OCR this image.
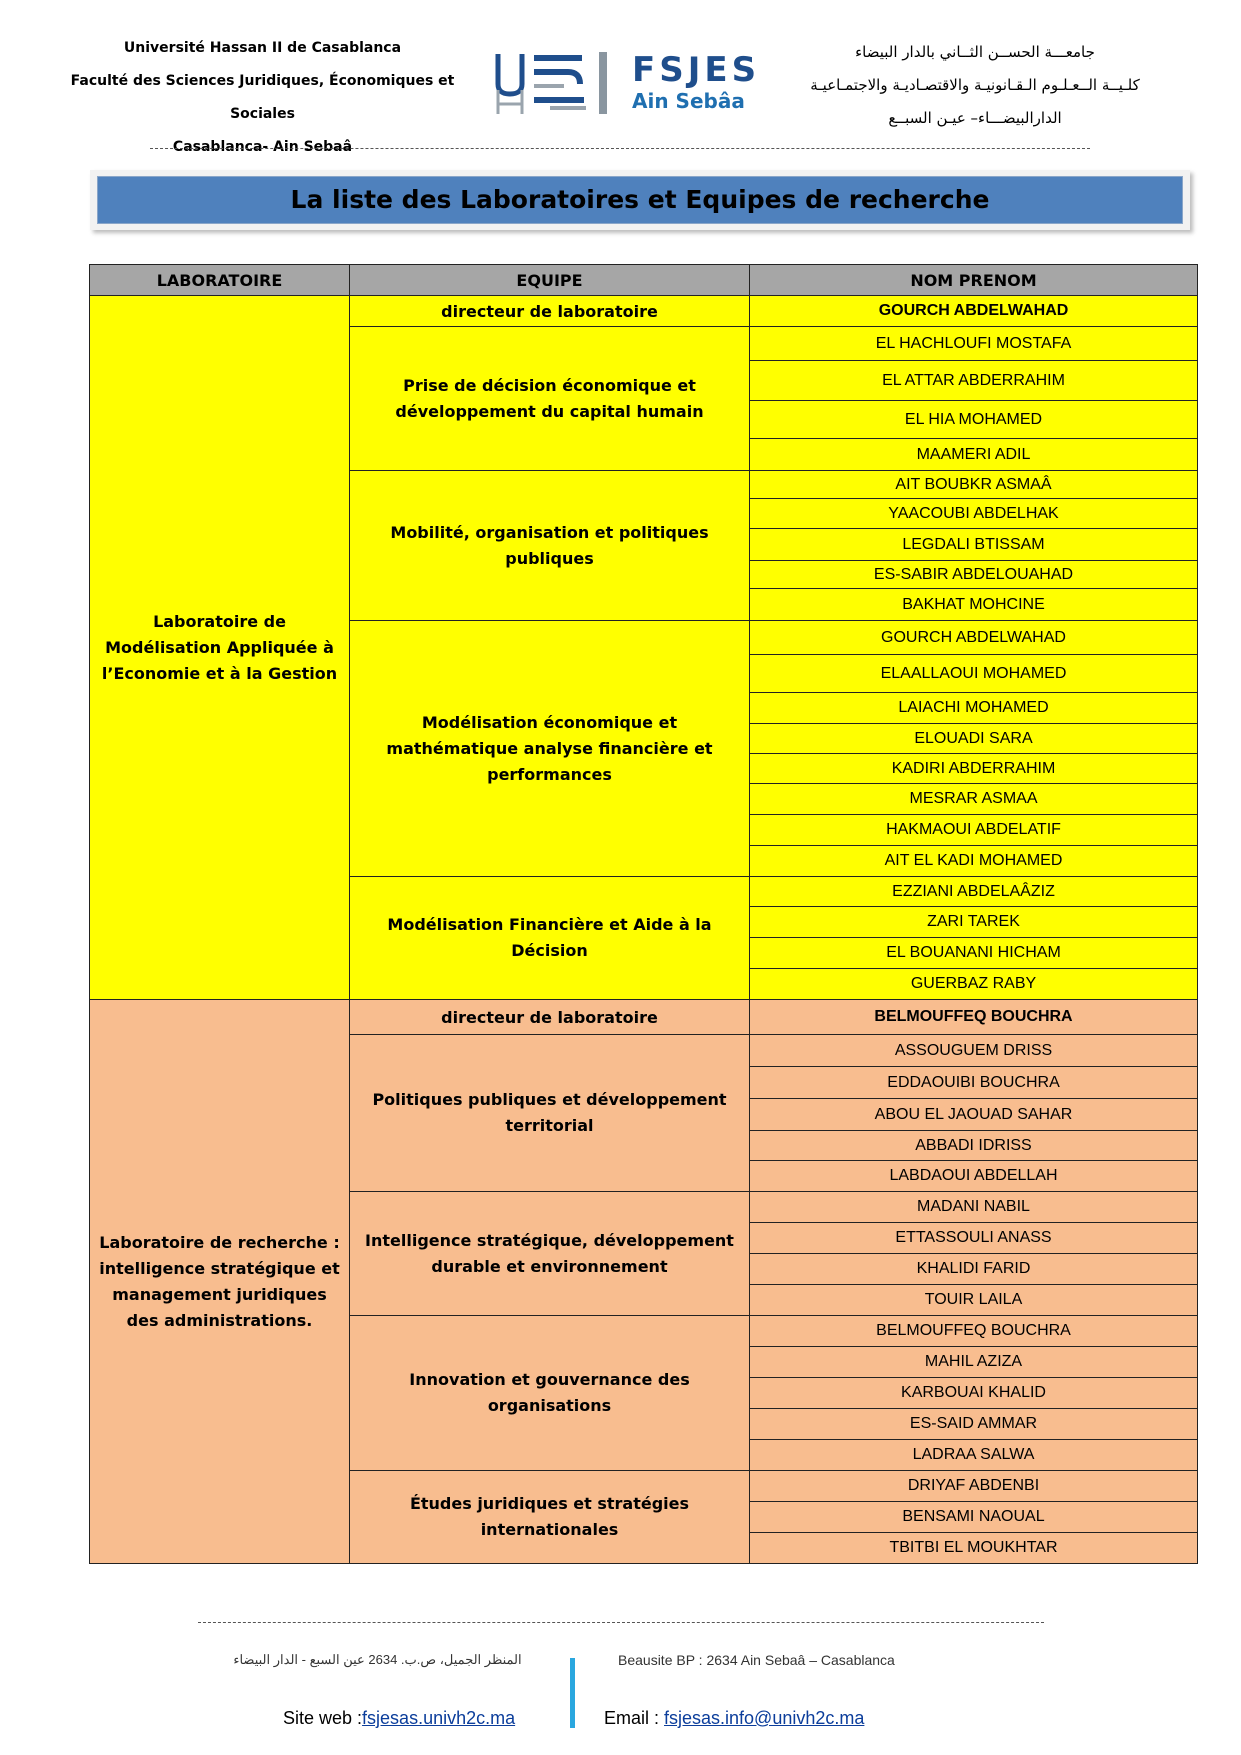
Université Hassan II de Casablanca
Faculté des Sciences Juridiques, Économiques et Sociales
Casablanca- Ain Sebaâ
FSJES
Ain Sebâa
جامعـــة الحســن الثــاني بالدار البيضاء
كلـيــة الــعـلـوم الـقـانونيـة والاقتصـاديـة والاجتمـاعيـة
الدارالبيضـــاء– عيـن السبــع
La liste des Laboratoires et Equipes de recherche
LABORATOIRE	EQUIPE	NOM PRENOM
Laboratoire de Modélisation Appliquée à l’Economie et à la Gestion	directeur de laboratoire	GOURCH ABDELWAHAD
	Prise de décision économique et développement du capital humain	EL HACHLOUFI MOSTAFA
		EL ATTAR ABDERRAHIM
		EL HIA MOHAMED
		MAAMERI ADIL
	Mobilité, organisation et politiques publiques	AIT BOUBKR ASMAÂ
		YAACOUBI ABDELHAK
		LEGDALI BTISSAM
		ES-SABIR ABDELOUAHAD
		BAKHAT MOHCINE
	Modélisation économique et mathématique analyse financière et performances	GOURCH ABDELWAHAD
		ELAALLAOUI MOHAMED
		LAIACHI MOHAMED
		ELOUADI SARA
		KADIRI ABDERRAHIM
		MESRAR ASMAA
		HAKMAOUI ABDELATIF
		AIT EL KADI MOHAMED
	Modélisation Financière et Aide à la Décision	EZZIANI ABDELAÂZIZ
		ZARI TAREK
		EL BOUANANI HICHAM
		GUERBAZ RABY
Laboratoire de recherche : intelligence stratégique et management juridiques des administrations.	directeur de laboratoire	BELMOUFFEQ BOUCHRA
	Politiques publiques et développement territorial	ASSOUGUEM DRISS
		EDDAOUIBI BOUCHRA
		ABOU EL JAOUAD SAHAR
		ABBADI IDRISS
		LABDAOUI ABDELLAH
	Intelligence stratégique, développement durable et environnement	MADANI NABIL
		ETTASSOULI ANASS
		KHALIDI FARID
		TOUIR LAILA
	Innovation et gouvernance des organisations	BELMOUFFEQ BOUCHRA
		MAHIL AZIZA
		KARBOUAI KHALID
		ES-SAID AMMAR
		LADRAA SALWA
	Études juridiques et stratégies internationales	DRIYAF ABDENBI
		BENSAMI NAOUAL
		TBITBI EL MOUKHTAR
المنظر الجميل، ص.ب. 2634 عين السبع - الدار البيضاء	Beausite BP : 2634 Ain Sebaâ – Casablanca
Site web :fsjesas.univh2c.ma	Email : fsjesas.info@univh2c.ma
